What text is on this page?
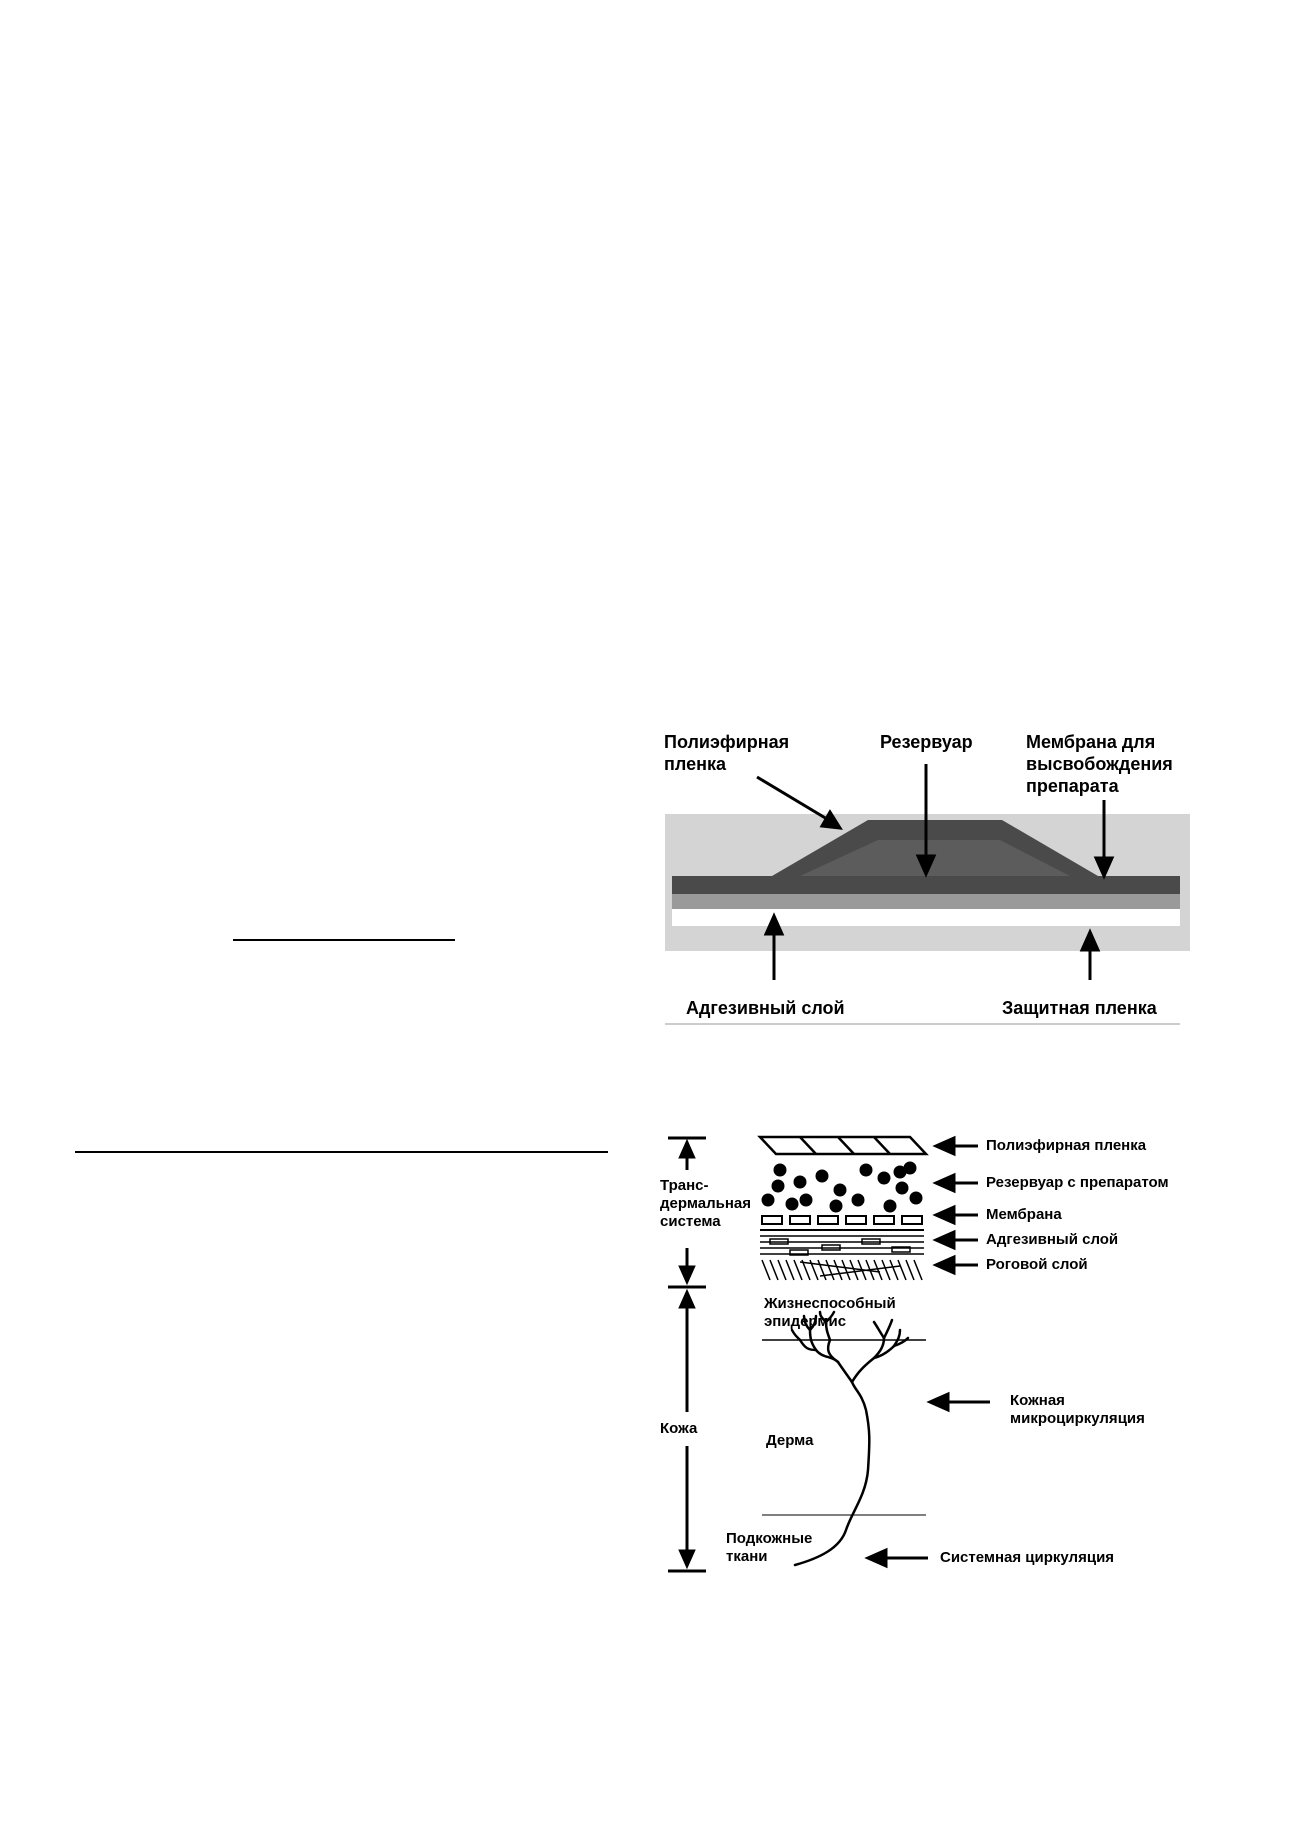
Полиэфирная
пленка
Резервуар	Мембрана для
высвобождения
препарата
Адгезивный слой	Защитная пленка
Транс-
дермальная
система
Кожа
Полиэфирная пленка
Резервуар с препаратом
Мембрана
Адгезивный слой
Роговой слой
Жизнеспособный
эпидермис
Дерма
Подкожные
ткани
Кожная
микроциркуляция
Системная циркуляция
